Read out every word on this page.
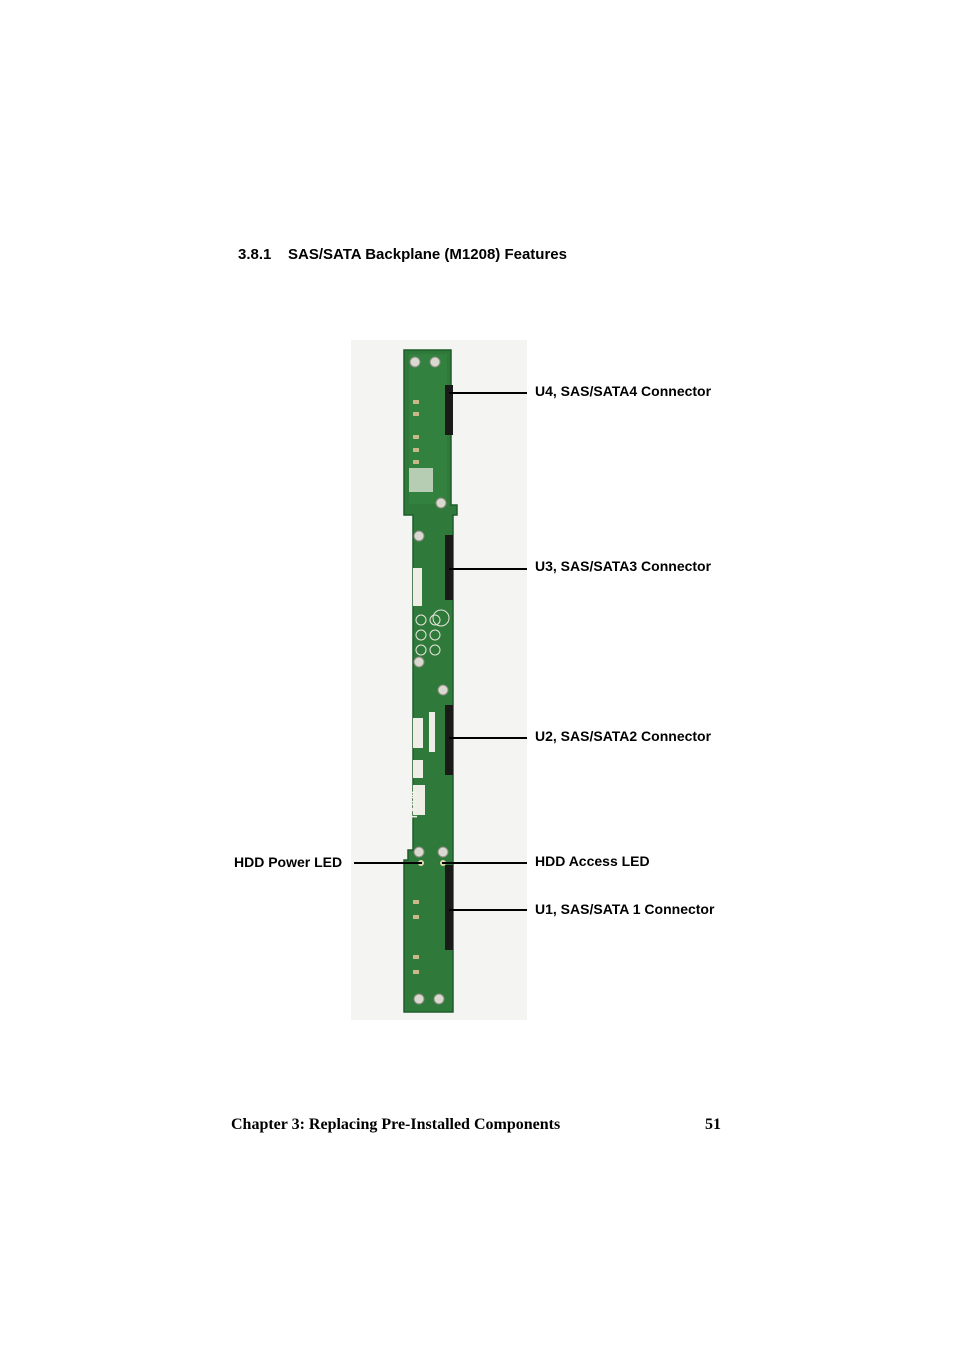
3.8.1 SAS/SATA Backplane (M1208) Features
TYAN
U4, SAS/SATA4 Connector
U3, SAS/SATA3 Connector
U2, SAS/SATA2 Connector
HDD Access LED
HDD Power LED
U1, SAS/SATA 1 Connector
Chapter 3: Replacing Pre-Installed Components	51
